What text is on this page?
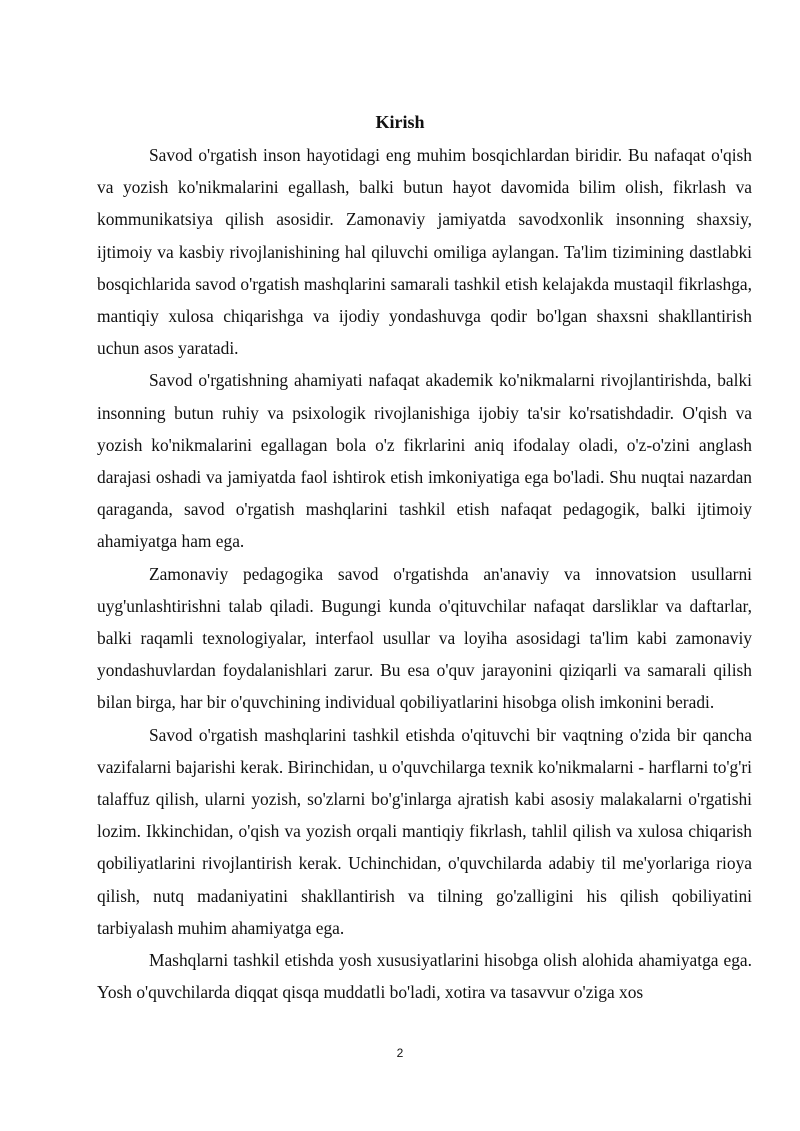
Kirish

Savod o'rgatish inson hayotidagi eng muhim bosqichlardan biridir. Bu nafaqat o'qish va yozish ko'nikmalarini egallash, balki butun hayot davomida bilim olish, fikrlash va kommunikatsiya qilish asosidir. Zamonaviy jamiyatda savodxonlik insonning shaxsiy, ijtimoiy va kasbiy rivojlanishining hal qiluvchi omiliga aylangan. Ta'lim tizimining dastlabki bosqichlarida savod o'rgatish mashqlarini samarali tashkil etish kelajakda mustaqil fikrlashga, mantiqiy xulosa chiqarishga va ijodiy yondashuvga qodir bo'lgan shaxsni shakllantirish uchun asos yaratadi.

Savod o'rgatishning ahamiyati nafaqat akademik ko'nikmalarni rivojlantirishda, balki insonning butun ruhiy va psixologik rivojlanishiga ijobiy ta'sir ko'rsatishdadir. O'qish va yozish ko'nikmalarini egallagan bola o'z fikrlarini aniq ifodalay oladi, o'z-o'zini anglash darajasi oshadi va jamiyatda faol ishtirok etish imkoniyatiga ega bo'ladi. Shu nuqtai nazardan qaraganda, savod o'rgatish mashqlarini tashkil etish nafaqat pedagogik, balki ijtimoiy ahamiyatga ham ega.

Zamonaviy pedagogika savod o'rgatishda an'anaviy va innovatsion usullarni uyg'unlashtirishni talab qiladi. Bugungi kunda o'qituvchilar nafaqat darsliklar va daftarlar, balki raqamli texnologiyalar, interfaol usullar va loyiha asosidagi ta'lim kabi zamonaviy yondashuvlardan foydalanishlari zarur. Bu esa o'quv jarayonini qiziqarli va samarali qilish bilan birga, har bir o'quvchining individual qobiliyatlarini hisobga olish imkonini beradi.

Savod o'rgatish mashqlarini tashkil etishda o'qituvchi bir vaqtning o'zida bir qancha vazifalarni bajarishi kerak. Birinchidan, u o'quvchilarga texnik ko'nikmalarni - harflarni to'g'ri talaffuz qilish, ularni yozish, so'zlarni bo'g'inlarga ajratish kabi asosiy malakalarni o'rgatishi lozim. Ikkinchidan, o'qish va yozish orqali mantiqiy fikrlash, tahlil qilish va xulosa chiqarish qobiliyatlarini rivojlantirish kerak. Uchinchidan, o'quvchilarda adabiy til me'yorlariga rioya qilish, nutq madaniyatini shakllantirish va tilning go'zalligini his qilish qobiliyatini tarbiyalash muhim ahamiyatga ega.

Mashqlarni tashkil etishda yosh xususiyatlarini hisobga olish alohida ahamiyatga ega. Yosh o'quvchilarda diqqat qisqa muddatli bo'ladi, xotira va tasavvur o'ziga xos

2
